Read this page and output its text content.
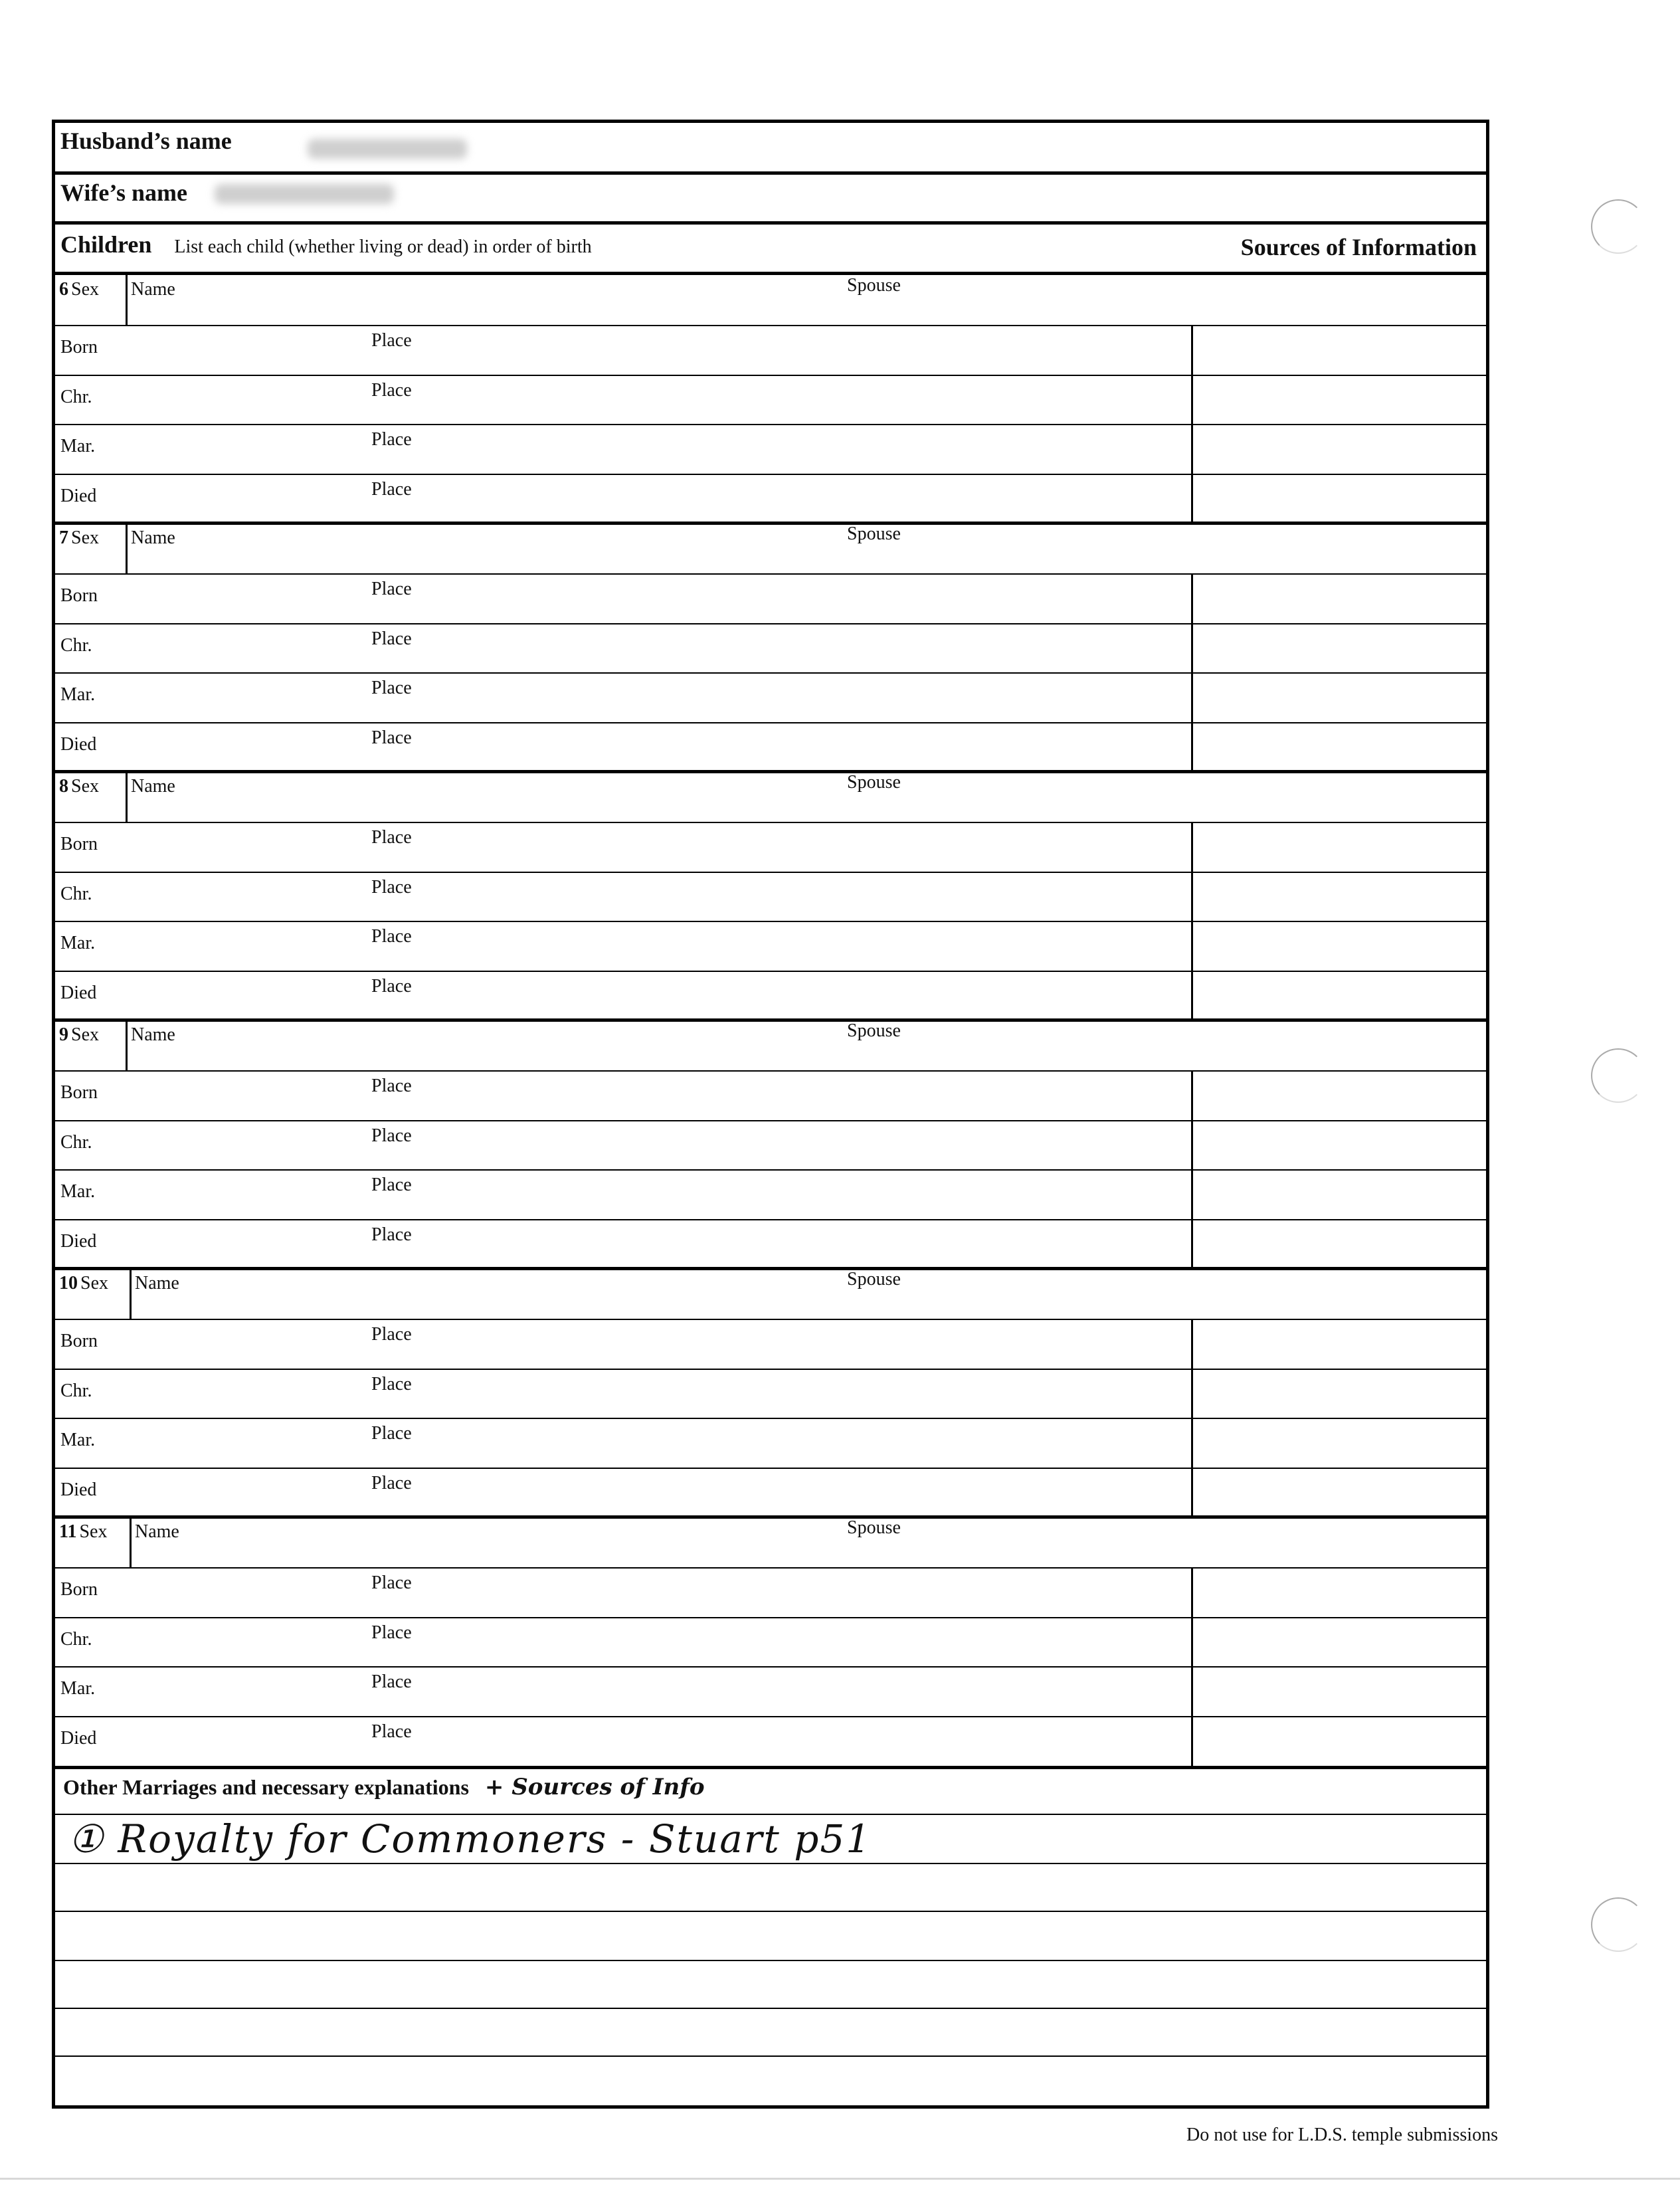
Husband’s name
Wife’s name
Children List each child (whether living or dead) in order of birth	Sources of Information
6 Sex Name	Spouse
Born	Place
Chr.	Place
Mar.	Place
Died	Place
7 Sex Name	Spouse
Born	Place
Chr.	Place
Mar.	Place
Died	Place
8 Sex Name	Spouse
Born	Place
Chr.	Place
Mar.	Place
Died	Place
9 Sex Name	Spouse
Born	Place
Chr.	Place
Mar.	Place
Died	Place
10 Sex Name	Spouse
Born	Place
Chr.	Place
Mar.	Place
Died	Place
11 Sex Name	Spouse
Born	Place
Chr.	Place
Mar.	Place
Died	Place
Other Marriages and necessary explanations + Sources of Info
① Royalty for Commoners - Stuart p51
Do not use for L.D.S. temple submissions
